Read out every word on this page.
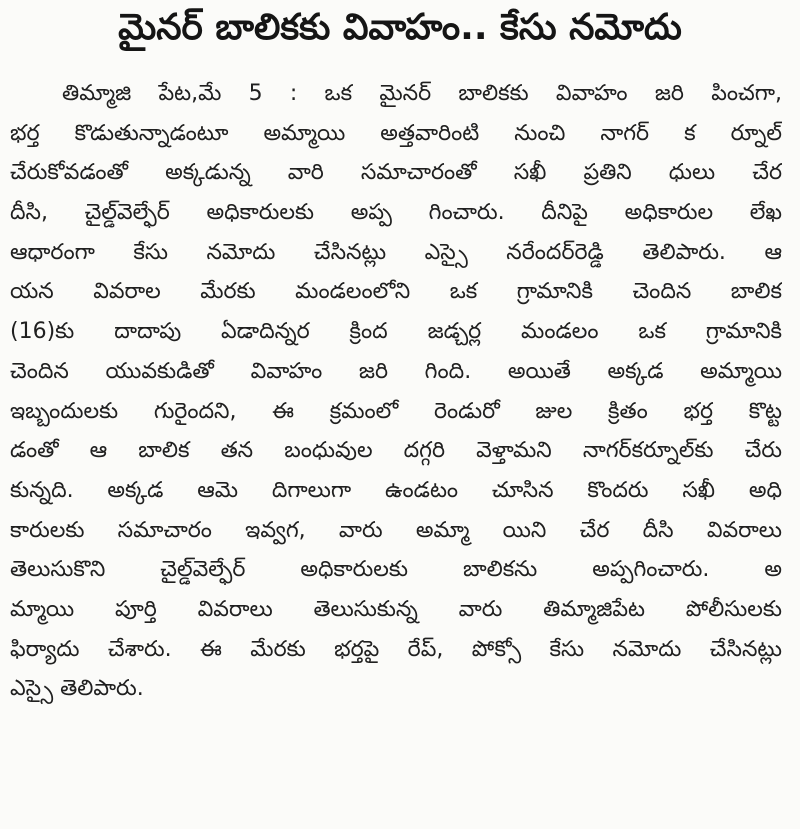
మైనర్ బాలికకు వివాహం.. కేసు నమోదు
తిమ్మాజి పేట,మే 5 : ఒక మైనర్ బాలికకు వివాహం జరి పించగా,
భర్త కొడుతున్నాడంటూ అమ్మాయి అత్తవారింటి నుంచి నాగర్ క ర్నూల్
చేరుకోవడంతో అక్కడున్న వారి సమాచారంతో సఖీ ప్రతిని ధులు చేర
దీసి, చైల్డ్‌వెల్ఫేర్ అధికారులకు అప్ప గించారు. దీనిపై అధికారుల లేఖ
ఆధారంగా కేసు నమోదు చేసినట్లు ఎస్సై నరేందర్‌రెడ్డి తెలిపారు. ఆ
యన వివరాల మేరకు మండలంలోని ఒక గ్రామానికి చెందిన బాలిక
(16)కు దాదాపు ఏడాదిన్నర క్రింద జడ్చర్ల మండలం ఒక గ్రామానికి
చెందిన యువకుడితో వివాహం జరి గింది. అయితే అక్కడ అమ్మాయి
ఇబ్బందులకు గురైందని, ఈ క్రమంలో రెండురో జుల క్రితం భర్త కొట్ట
డంతో ఆ బాలిక తన బంధువుల దగ్గరి వెళ్తామని నాగర్‌కర్నూల్‌కు చేరు
కున్నది. అక్కడ ఆమె దిగాలుగా ఉండటం చూసిన కొందరు సఖీ అధి
కారులకు సమాచారం ఇవ్వగ, వారు అమ్మా యిని చేర దీసి వివరాలు
తెలుసుకొని చైల్డ్‌వెల్ఫేర్ అధికారులకు బాలికను అప్పగించారు. అ
మ్మాయి పూర్తి వివరాలు తెలుసుకున్న వారు తిమ్మాజిపేట పోలీసులకు
ఫిర్యాదు చేశారు. ఈ మేరకు భర్తపై రేప్, పోక్సో కేసు నమోదు చేసినట్లు
ఎస్సై తెలిపారు.
